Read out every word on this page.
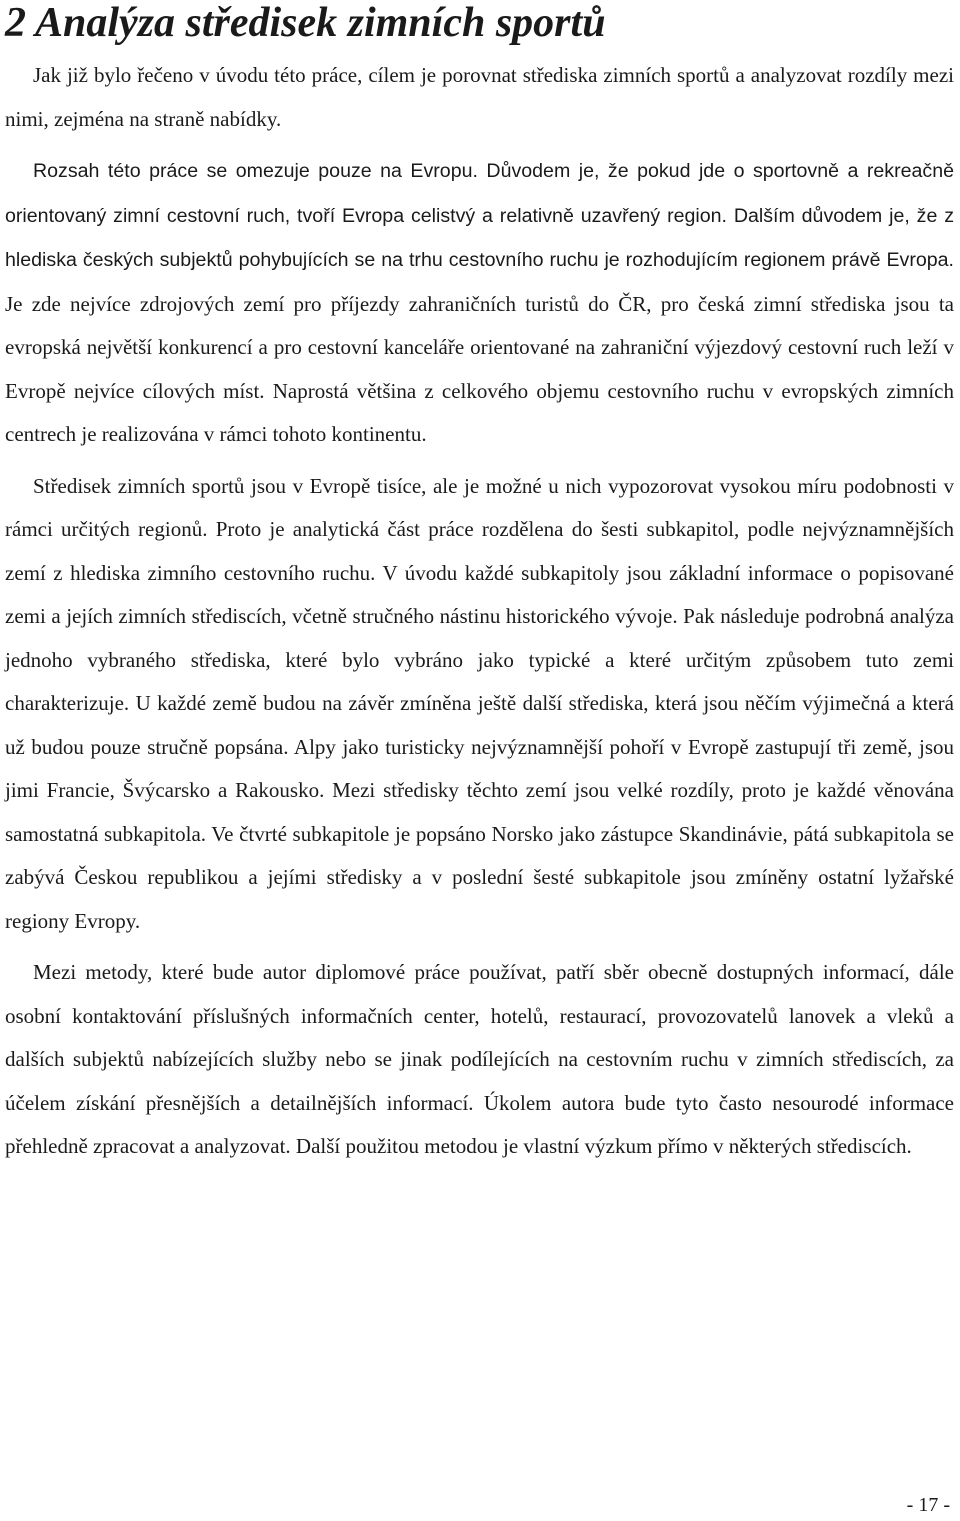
2 Analýza středisek zimních sportů

Jak již bylo řečeno v úvodu této práce, cílem je porovnat střediska zimních sportů a analyzovat rozdíly mezi nimi, zejména na straně nabídky.

Rozsah této práce se omezuje pouze na Evropu. Důvodem je, že pokud jde o sportovně a rekreačně orientovaný zimní cestovní ruch, tvoří Evropa celistvý a relativně uzavřený region. Dalším důvodem je, že z hlediska českých subjektů pohybujících se na trhu cestovního ruchu je rozhodujícím regionem právě Evropa. Je zde nejvíce zdrojových zemí pro příjezdy zahraničních turistů do ČR, pro česká zimní střediska jsou ta evropská největší konkurencí a pro cestovní kanceláře orientované na zahraniční výjezdový cestovní ruch leží v Evropě nejvíce cílových míst. Naprostá většina z celkového objemu cestovního ruchu v evropských zimních centrech je realizována v rámci tohoto kontinentu.

Středisek zimních sportů jsou v Evropě tisíce, ale je možné u nich vypozorovat vysokou míru podobnosti v rámci určitých regionů. Proto je analytická část práce rozdělena do šesti subkapitol, podle nejvýznamnějších zemí z hlediska zimního cestovního ruchu. V úvodu každé subkapitoly jsou základní informace o popisované zemi a jejích zimních střediscích, včetně stručného nástinu historického vývoje. Pak následuje podrobná analýza jednoho vybraného střediska, které bylo vybráno jako typické a které určitým způsobem tuto zemi charakterizuje. U každé země budou na závěr zmíněna ještě další střediska, která jsou něčím výjimečná a která už budou pouze stručně popsána. Alpy jako turisticky nejvýznamnější pohoří v Evropě zastupují tři země, jsou jimi Francie, Švýcarsko a Rakousko. Mezi středisky těchto zemí jsou velké rozdíly, proto je každé věnována samostatná subkapitola. Ve čtvrté subkapitole je popsáno Norsko jako zástupce Skandinávie, pátá subkapitola se zabývá Českou republikou a jejími středisky a v poslední šesté subkapitole jsou zmíněny ostatní lyžařské regiony Evropy.

Mezi metody, které bude autor diplomové práce používat, patří sběr obecně dostupných informací, dále osobní kontaktování příslušných informačních center, hotelů, restaurací, provozovatelů lanovek a vleků a dalších subjektů nabízejících služby nebo se jinak podílejících na cestovním ruchu v zimních střediscích, za účelem získání přesnějších a detailnějších informací. Úkolem autora bude tyto často nesourodé informace přehledně zpracovat a analyzovat. Další použitou metodou je vlastní výzkum přímo v některých střediscích.

- 17 -
